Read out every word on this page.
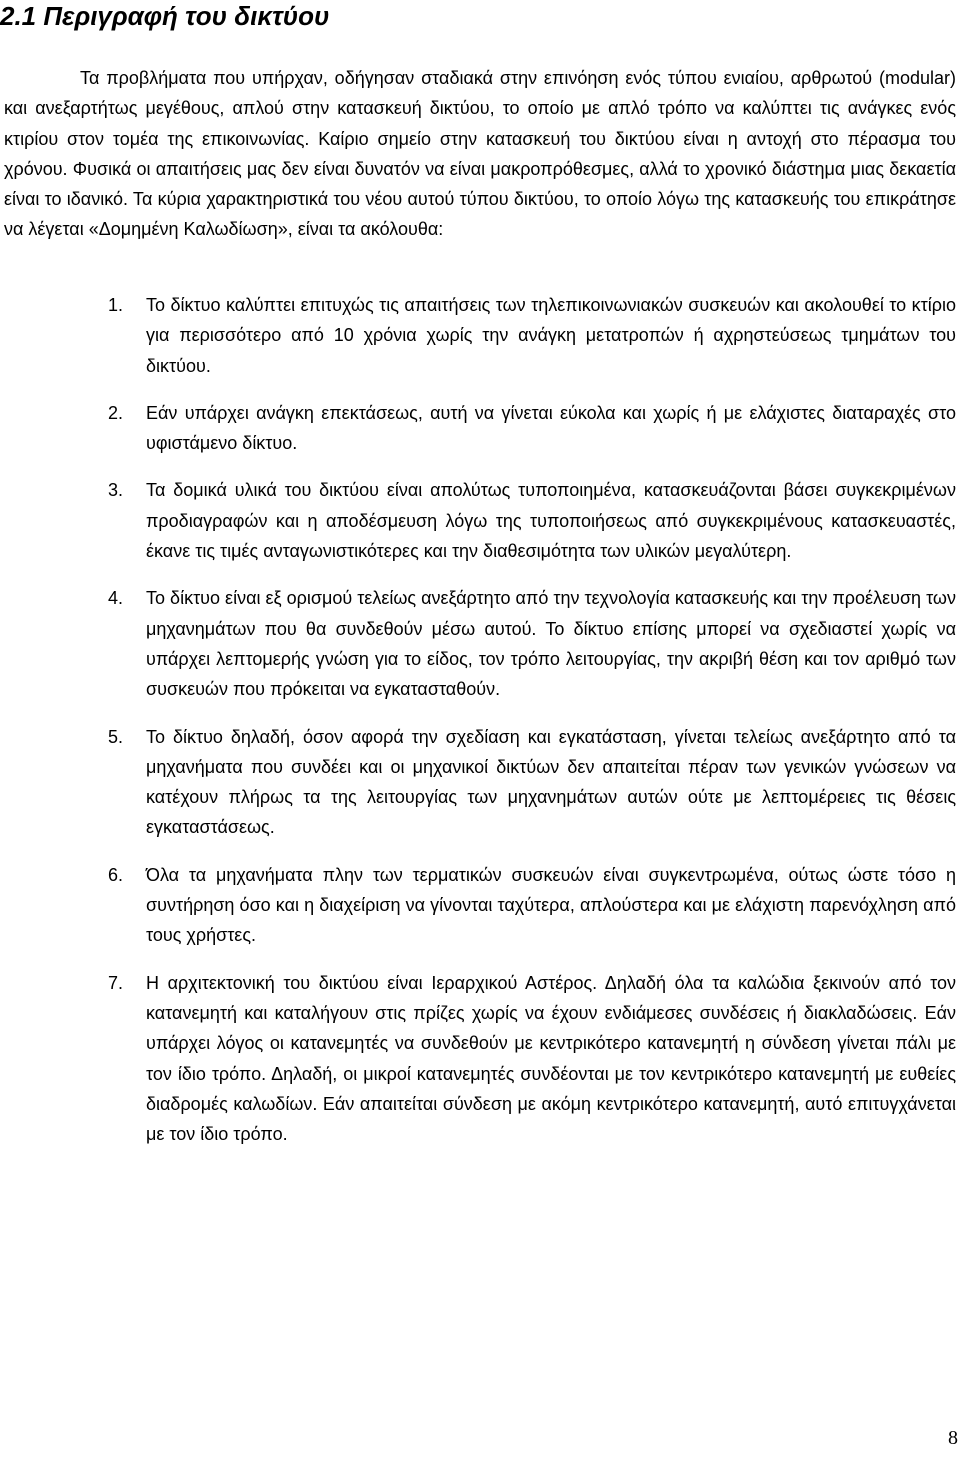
2.1 Περιγραφή του δικτύου

Τα προβλήματα που υπήρχαν, οδήγησαν σταδιακά στην επινόηση ενός τύπου ενιαίου, αρθρωτού (modular) και ανεξαρτήτως μεγέθους, απλού στην κατασκευή δικτύου, το οποίο με απλό τρόπο να καλύπτει τις ανάγκες ενός κτιρίου στον τομέα της επικοινωνίας. Καίριο σημείο στην κατασκευή του δικτύου είναι η αντοχή στο πέρασμα του χρόνου. Φυσικά οι απαιτήσεις μας δεν είναι δυνατόν να είναι μακροπρόθεσμες, αλλά το χρονικό διάστημα μιας δεκαετία είναι το ιδανικό. Τα κύρια χαρακτηριστικά του νέου αυτού τύπου δικτύου, το οποίο λόγω της κατασκευής του επικράτησε να λέγεται «Δομημένη Καλωδίωση», είναι τα ακόλουθα:

1.	Το δίκτυο καλύπτει επιτυχώς τις απαιτήσεις των τηλεπικοινωνιακών συσκευών και ακολουθεί το κτίριο για περισσότερο από 10 χρόνια χωρίς την ανάγκη μετατροπών ή αχρηστεύσεως τμημάτων του δικτύου.
2.	Εάν υπάρχει ανάγκη επεκτάσεως, αυτή να γίνεται εύκολα και χωρίς ή με ελάχιστες διαταραχές στο υφιστάμενο δίκτυο.
3.	Τα δομικά υλικά του δικτύου είναι απολύτως τυποποιημένα, κατασκευάζονται βάσει συγκεκριμένων προδιαγραφών και η αποδέσμευση λόγω της τυποποιήσεως από συγκεκριμένους κατασκευαστές, έκανε τις τιμές ανταγωνιστικότερες και την διαθεσιμότητα των υλικών μεγαλύτερη.
4.	Το δίκτυο είναι εξ ορισμού τελείως ανεξάρτητο από την τεχνολογία κατασκευής και την προέλευση των μηχανημάτων που θα συνδεθούν μέσω αυτού. Το δίκτυο επίσης μπορεί να σχεδιαστεί χωρίς να υπάρχει λεπτομερής γνώση για το είδος, τον τρόπο λειτουργίας, την ακριβή θέση και τον αριθμό των συσκευών που πρόκειται να εγκατασταθούν.
5.	Το δίκτυο δηλαδή, όσον αφορά την σχεδίαση και εγκατάσταση, γίνεται τελείως ανεξάρτητο από τα μηχανήματα που συνδέει και οι μηχανικοί δικτύων δεν απαιτείται πέραν των γενικών γνώσεων να κατέχουν πλήρως τα της λειτουργίας των μηχανημάτων αυτών ούτε με λεπτομέρειες τις θέσεις εγκαταστάσεως.
6.	Όλα τα μηχανήματα πλην των τερματικών συσκευών είναι συγκεντρωμένα, ούτως ώστε τόσο η συντήρηση όσο και η διαχείριση να γίνονται ταχύτερα, απλούστερα και με ελάχιστη παρενόχληση από τους χρήστες.
7.	Η αρχιτεκτονική του δικτύου είναι Ιεραρχικού Αστέρος. Δηλαδή όλα τα καλώδια ξεκινούν από τον κατανεμητή και καταλήγουν στις πρίζες χωρίς να έχουν ενδιάμεσες συνδέσεις ή διακλαδώσεις. Εάν υπάρχει λόγος οι κατανεμητές να συνδεθούν με κεντρικότερο κατανεμητή η σύνδεση γίνεται πάλι με τον ίδιο τρόπο. Δηλαδή, οι μικροί κατανεμητές συνδέονται με τον κεντρικότερο κατανεμητή με ευθείες διαδρομές καλωδίων. Εάν απαιτείται σύνδεση με ακόμη κεντρικότερο κατανεμητή, αυτό επιτυγχάνεται με τον ίδιο τρόπο.
8
